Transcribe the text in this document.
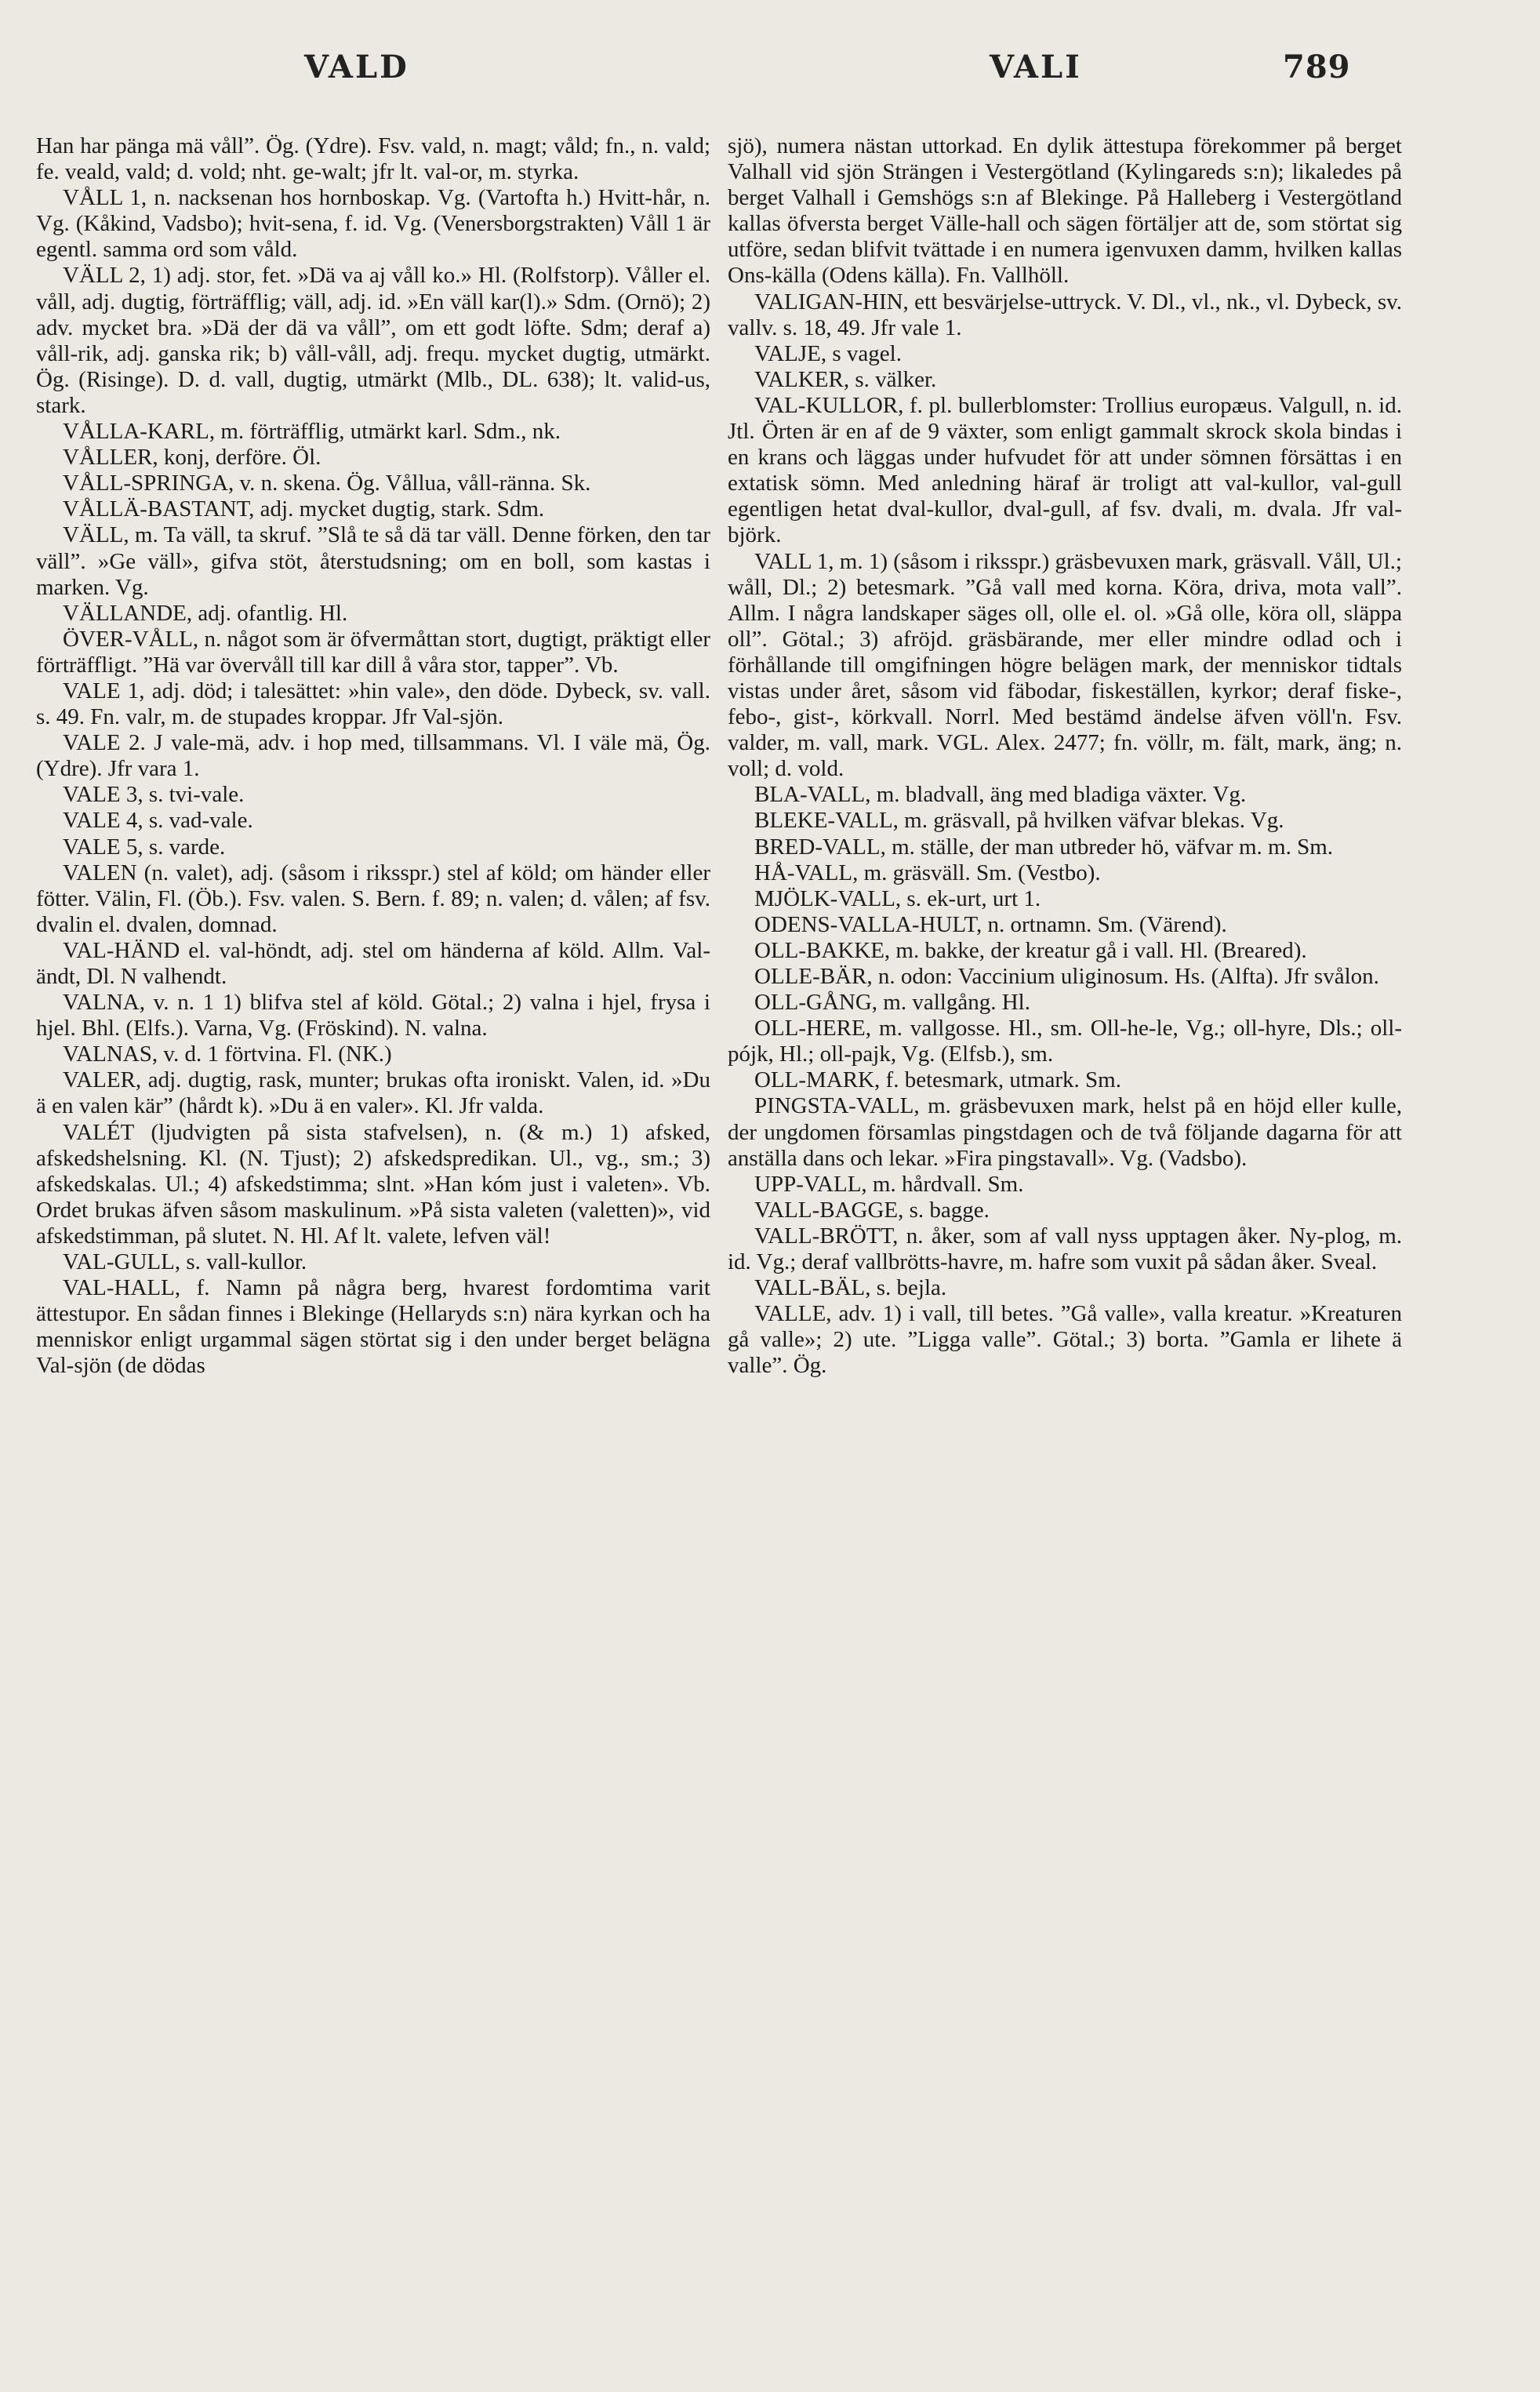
VALD	VALI	789

Han har pänga mä våll”. Ög. (Ydre). Fsv. vald, n. magt; våld; fn., n. vald; fe. veald, vald; d. vold; nht. ge-walt; jfr lt. val-or, m. styrka.

VÅLL 1, n. nacksenan hos hornboskap. Vg. (Vartofta h.) Hvitt-hår, n. Vg. (Kåkind, Vadsbo); hvit-sena, f. id. Vg. (Venersborgstrakten) Våll 1 är egentl. samma ord som våld.

VÄLL 2, 1) adj. stor, fet. »Dä va aj våll ko.» Hl. (Rolfstorp). Våller el. våll, adj. dugtig, förträfflig; väll, adj. id. »En väll kar(l).» Sdm. (Ornö); 2) adv. mycket bra. »Dä der dä va våll”, om ett godt löfte. Sdm; deraf a) våll-rik, adj. ganska rik; b) våll-våll, adj. frequ. mycket dugtig, utmärkt. Ög. (Risinge). D. d. vall, dugtig, utmärkt (Mlb., DL. 638); lt. valid-us, stark.

VÅLLA-KARL, m. förträfflig, utmärkt karl. Sdm., nk.

VÅLLER, konj, derföre. Öl.

VÅLL-SPRINGA, v. n. skena. Ög. Vållua, våll-ränna. Sk.

VÅLLÄ-BASTANT, adj. mycket dugtig, stark. Sdm.

VÄLL, m. Ta väll, ta skruf. ”Slå te så dä tar väll. Denne förken, den tar väll”. »Ge väll», gifva stöt, återstudsning; om en boll, som kastas i marken. Vg.

VÄLLANDE, adj. ofantlig. Hl.

ÖVER-VÅLL, n. något som är öfvermåttan stort, dugtigt, präktigt eller förträffligt. ”Hä var övervåll till kar dill å våra stor, tapper”. Vb.

VALE 1, adj. död; i talesättet: »hin vale», den döde. Dybeck, sv. vall. s. 49. Fn. valr, m. de stupades kroppar. Jfr Val-sjön.

VALE 2. J vale-mä, adv. i hop med, tillsammans. Vl. I väle mä, Ög. (Ydre). Jfr vara 1.

VALE 3, s. tvi-vale.

VALE 4, s. vad-vale.

VALE 5, s. varde.

VALEN (n. valet), adj. (såsom i riksspr.) stel af köld; om händer eller fötter. Välin, Fl. (Öb.). Fsv. valen. S. Bern. f. 89; n. valen; d. vålen; af fsv. dvalin el. dvalen, domnad.

VAL-HÄND el. val-höndt, adj. stel om händerna af köld. Allm. Val-ändt, Dl. N valhendt.

VALNA, v. n. 1 1) blifva stel af köld. Götal.; 2) valna i hjel, frysa i hjel. Bhl. (Elfs.). Varna, Vg. (Fröskind). N. valna.

VALNAS, v. d. 1 förtvina. Fl. (NK.)

VALER, adj. dugtig, rask, munter; brukas ofta ironiskt. Valen, id. »Du ä en valen kär” (hårdt k). »Du ä en valer». Kl. Jfr valda.

VALÉT (ljudvigten på sista stafvelsen), n. (& m.) 1) afsked, afskedshelsning. Kl. (N. Tjust); 2) afskedspredikan. Ul., vg., sm.; 3) afskedskalas. Ul.; 4) afskedstimma; slnt. »Han kóm just i valeten». Vb. Ordet brukas äfven såsom maskulinum. »På sista valeten (valetten)», vid afskedstimman, på slutet. N. Hl. Af lt. valete, lefven väl!

VAL-GULL, s. vall-kullor.

VAL-HALL, f. Namn på några berg, hvarest fordomtima varit ättestupor. En sådan finnes i Blekinge (Hellaryds s:n) nära kyrkan och ha menniskor enligt urgammal sägen störtat sig i den under berget belägna Val-sjön (de dödas

sjö), numera nästan uttorkad. En dylik ättestupa förekommer på berget Valhall vid sjön Strängen i Vestergötland (Kylingareds s:n); likaledes på berget Valhall i Gemshögs s:n af Blekinge. På Halleberg i Vestergötland kallas öfversta berget Välle-hall och sägen förtäljer att de, som störtat sig utföre, sedan blifvit tvättade i en numera igenvuxen damm, hvilken kallas Ons-källa (Odens källa). Fn. Vallhöll.

VALIGAN-HIN, ett besvärjelse-uttryck. V. Dl., vl., nk., vl. Dybeck, sv. vallv. s. 18, 49. Jfr vale 1.

VALJE, s vagel.

VALKER, s. välker.

VAL-KULLOR, f. pl. bullerblomster: Trollius europæus. Valgull, n. id. Jtl. Örten är en af de 9 växter, som enligt gammalt skrock skola bindas i en krans och läggas under hufvudet för att under sömnen försättas i en extatisk sömn. Med anledning häraf är troligt att val-kullor, val-gull egentligen hetat dval-kullor, dval-gull, af fsv. dvali, m. dvala. Jfr val-björk.

VALL 1, m. 1) (såsom i riksspr.) gräsbevuxen mark, gräsvall. Våll, Ul.; wåll, Dl.; 2) betesmark. ”Gå vall med korna. Köra, driva, mota vall”. Allm. I några landskaper säges oll, olle el. ol. »Gå olle, köra oll, släppa oll”. Götal.; 3) afröjd. gräsbärande, mer eller mindre odlad och i förhållande till omgifningen högre belägen mark, der menniskor tidtals vistas under året, såsom vid fäbodar, fiskeställen, kyrkor; deraf fiske-, febo-, gist-, körkvall. Norrl. Med bestämd ändelse äfven völl'n. Fsv. valder, m. vall, mark. VGL. Alex. 2477; fn. völlr, m. fält, mark, äng; n. voll; d. vold.

BLA-VALL, m. bladvall, äng med bladiga växter. Vg.

BLEKE-VALL, m. gräsvall, på hvilken väfvar blekas. Vg.

BRED-VALL, m. ställe, der man utbreder hö, väfvar m. m. Sm.

HÅ-VALL, m. gräsväll. Sm. (Vestbo).

MJÖLK-VALL, s. ek-urt, urt 1.

ODENS-VALLA-HULT, n. ortnamn. Sm. (Värend).

OLL-BAKKE, m. bakke, der kreatur gå i vall. Hl. (Breared).

OLLE-BÄR, n. odon: Vaccinium uliginosum. Hs. (Alfta). Jfr svålon.

OLL-GÅNG, m. vallgång. Hl.

OLL-HERE, m. vallgosse. Hl., sm. Oll-he-le, Vg.; oll-hyre, Dls.; oll-pójk, Hl.; oll-pajk, Vg. (Elfsb.), sm.

OLL-MARK, f. betesmark, utmark. Sm.

PINGSTA-VALL, m. gräsbevuxen mark, helst på en höjd eller kulle, der ungdomen församlas pingstdagen och de två följande dagarna för att anställa dans och lekar. »Fira pingstavall». Vg. (Vadsbo).

UPP-VALL, m. hårdvall. Sm.

VALL-BAGGE, s. bagge.

VALL-BRÖTT, n. åker, som af vall nyss upptagen åker. Ny-plog, m. id. Vg.; deraf vallbrötts-havre, m. hafre som vuxit på sådan åker. Sveal.

VALL-BÄL, s. bejla.

VALLE, adv. 1) i vall, till betes. ”Gå valle», valla kreatur. »Kreaturen gå valle»; 2) ute. ”Ligga valle”. Götal.; 3) borta. ”Gamla er lihete ä valle”. Ög.
